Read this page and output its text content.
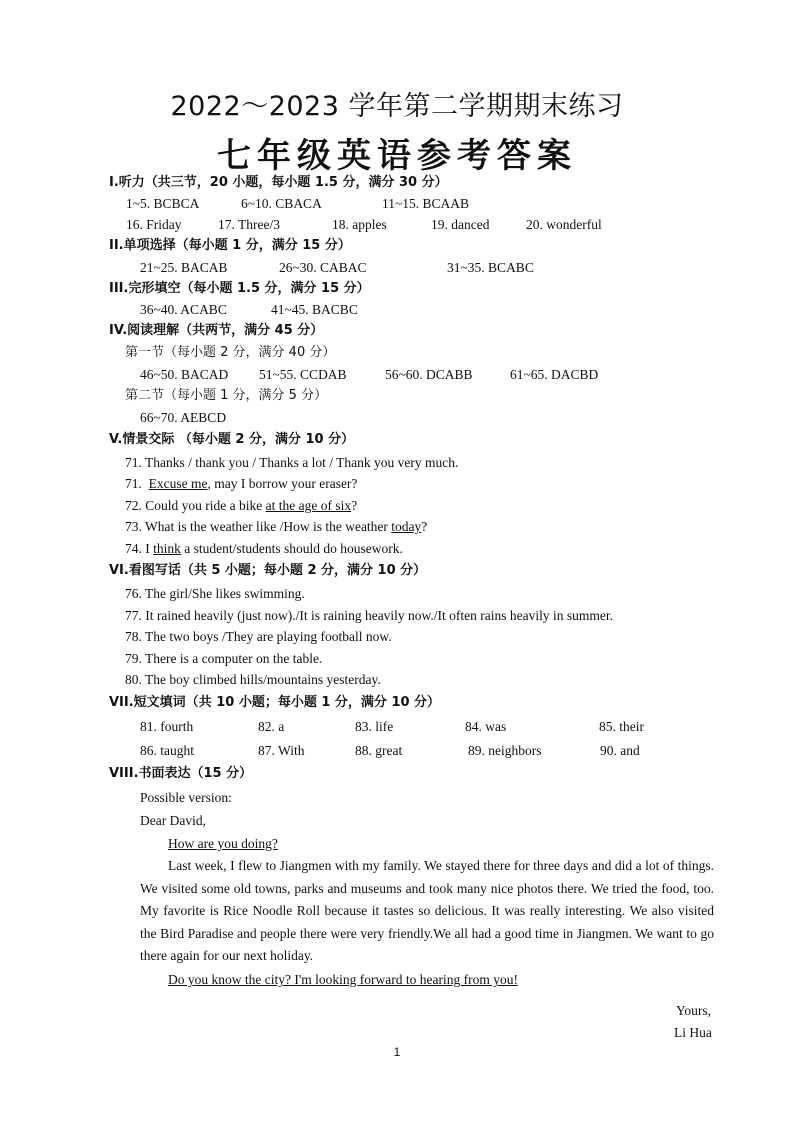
2022～2023 学年第二学期期末练习
七年级英语参考答案
I.听力（共三节，20 小题，每小题 1.5 分，满分 30 分）
1~5. BCBCA	6~10. CBACA	11~15. BCAAB
16. Friday	17. Three/3	18. apples	19. danced	20. wonderful
II.单项选择（每小题 1 分，满分 15 分）
21~25. BACAB	26~30. CABAC	31~35. BCABC
III.完形填空（每小题 1.5 分，满分 15 分）
36~40. ACABC	41~45. BACBC
IV.阅读理解（共两节，满分 45 分）
第一节（每小题 2 分，满分 40 分）
46~50. BACAD 51~55. CCDAB	56~60. DCABB	61~65. DACBD
第二节（每小题 1 分，满分 5 分）
66~70. AEBCD
V.情景交际 （每小题 2 分，满分 10 分）
71. Thanks / thank you / Thanks a lot / Thank you very much.
71. Excuse me, may I borrow your eraser?
72. Could you ride a bike at the age of six?
73. What is the weather like /How is the weather today?
74. I think a student/students should do housework.
VI.看图写话（共 5 小题；每小题 2 分，满分 10 分）
76. The girl/She likes swimming.
77. It rained heavily (just now)./It is raining heavily now./It often rains heavily in summer.
78. The two boys /They are playing football now.
79. There is a computer on the table.
80. The boy climbed hills/mountains yesterday.
VII.短文填词（共 10 小题；每小题 1 分，满分 10 分）
81. fourth	82. a	83. life	84. was	85. their
86. taught	87. With	88. great	89. neighbors	90. and
VIII.书面表达（15 分）
Possible version:
Dear David,
How are you doing?
Last week, I flew to Jiangmen with my family. We stayed there for three days and did a lot of things. We visited some old towns, parks and museums and took many nice photos there. We tried the food, too. My favorite is Rice Noodle Roll because it tastes so delicious. It was really interesting. We also visited the Bird Paradise and people there were very friendly.We all had a good time in Jiangmen. We want to go there again for our next holiday.
Do you know the city? I'm looking forward to hearing from you!
Yours,
Li Hua
1
